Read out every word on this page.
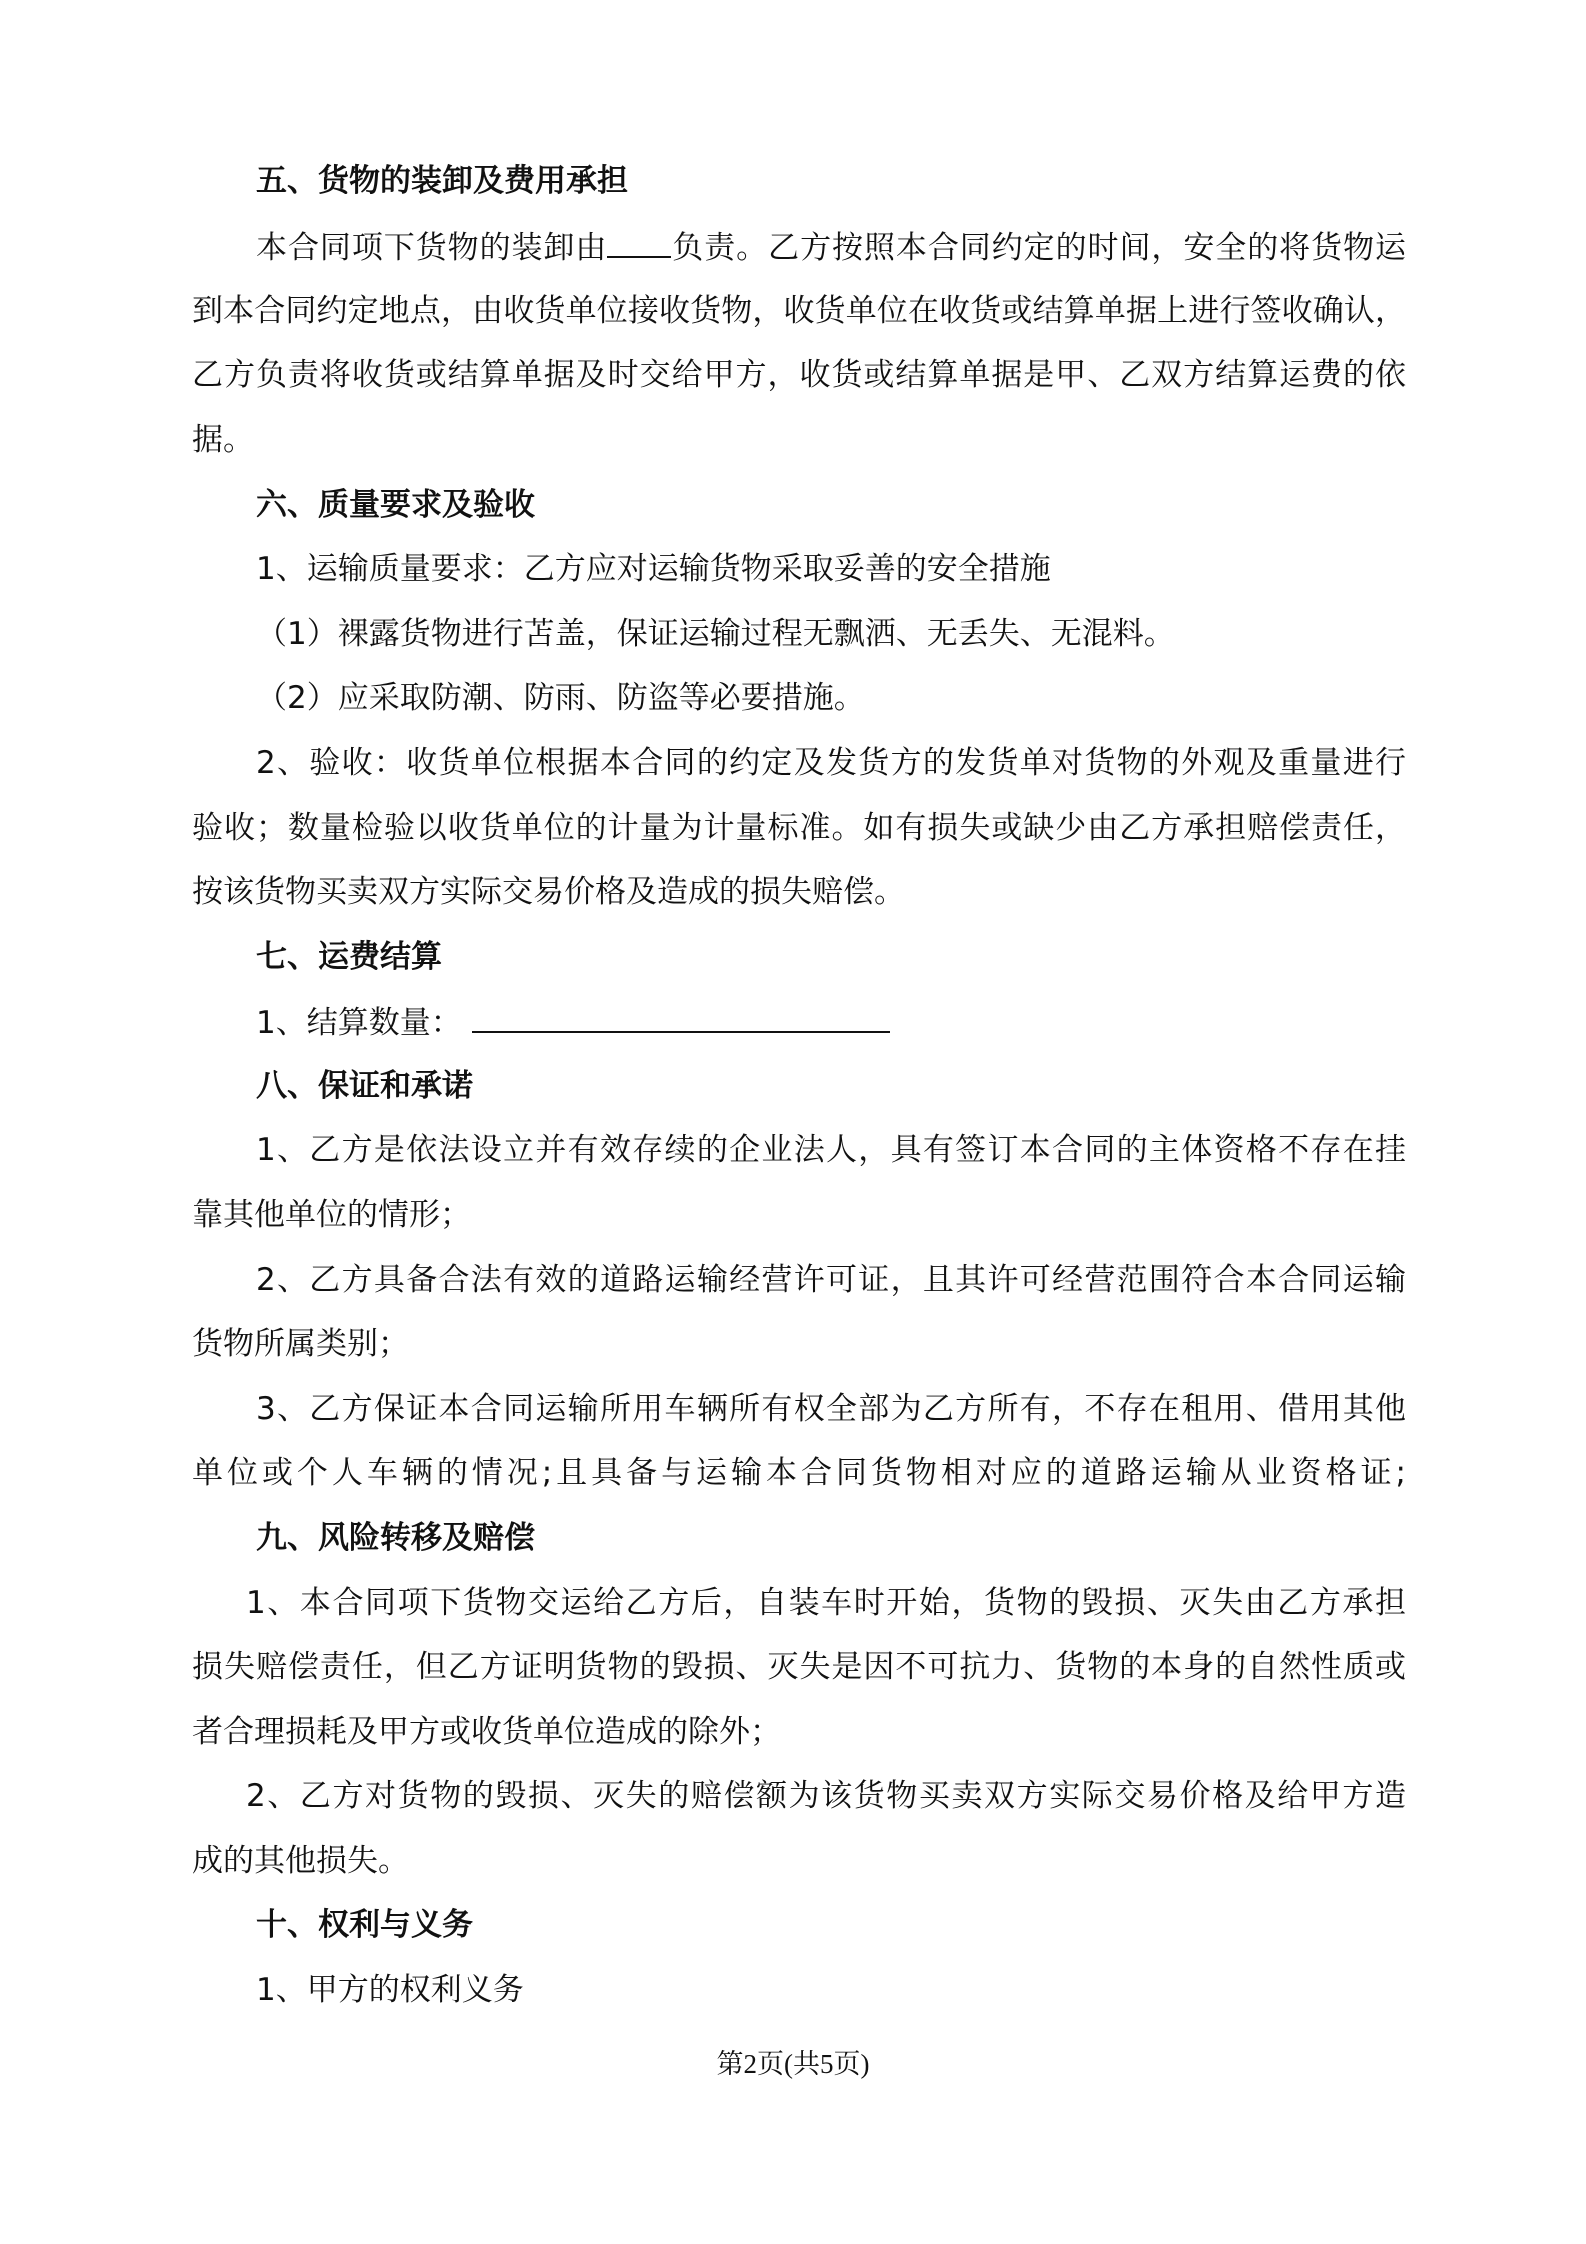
五、货物的装卸及费用承担
本合同项下货物的装卸由 负责。乙方按照本合同约定的时间，安全的将货物运
到本合同约定地点，由收货单位接收货物，收货单位在收货或结算单据上进行签收确认，
乙方负责将收货或结算单据及时交给甲方，收货或结算单据是甲、乙双方结算运费的依
据。
六、质量要求及验收
1、运输质量要求：乙方应对运输货物采取妥善的安全措施
（1）裸露货物进行苫盖，保证运输过程无飘洒、无丢失、无混料。
（2）应采取防潮、防雨、防盗等必要措施。
2、验收：收货单位根据本合同的约定及发货方的发货单对货物的外观及重量进行
验收；数量检验以收货单位的计量为计量标准。如有损失或缺少由乙方承担赔偿责任，
按该货物买卖双方实际交易价格及造成的损失赔偿。
七、运费结算
1、结算数量：
八、保证和承诺
1、乙方是依法设立并有效存续的企业法人，具有签订本合同的主体资格不存在挂
靠其他单位的情形；
2、乙方具备合法有效的道路运输经营许可证，且其许可经营范围符合本合同运输
货物所属类别；
3、乙方保证本合同运输所用车辆所有权全部为乙方所有，不存在租用、借用其他
单位或个人车辆的情况;且具备与运输本合同货物相对应的道路运输从业资格证;
九、风险转移及赔偿
1、本合同项下货物交运给乙方后，自装车时开始，货物的毁损、灭失由乙方承担
损失赔偿责任，但乙方证明货物的毁损、灭失是因不可抗力、货物的本身的自然性质或
者合理损耗及甲方或收货单位造成的除外；
2、乙方对货物的毁损、灭失的赔偿额为该货物买卖双方实际交易价格及给甲方造
成的其他损失。
十、权利与义务
1、甲方的权利义务
第2页(共5页)
